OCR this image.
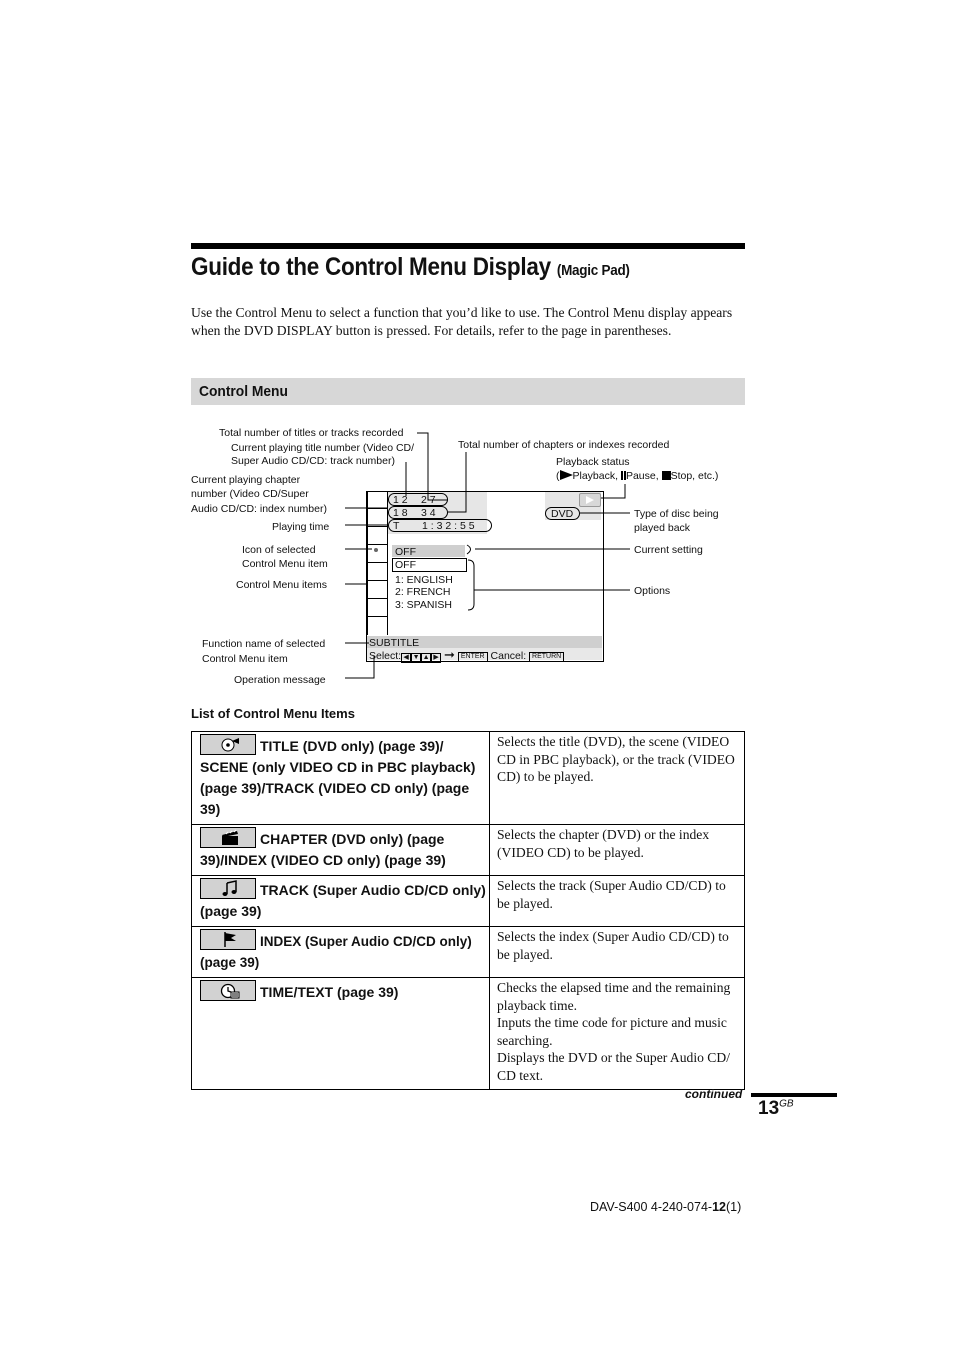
Guide to the Control Menu Display (Magic Pad)
Use the Control Menu to select a function that you’d like to use. The Control Menu display appears when the DVD DISPLAY button is pressed. For details, refer to the page in parentheses.
Control Menu
Total number of titles or tracks recorded
Current playing title number (Video CD/
Super Audio CD/CD: track number)
Total number of chapters or indexes recorded
Playback status
( Playback, Pause, Stop, etc.)
Current playing chapter
number (Video CD/Super
Audio CD/CD: index number)
Playing time
Type of disc being
played back
Icon of selected
Control Menu item
Current setting
Control Menu items	Options
Function name of selected
Control Menu item
Operation message
1 2 2 7
1 8 3 4
T 1 : 3 2 : 5 5
DVD
OFF
OFF
1: ENGLISH
2: FRENCH
3: SPANISH
SUBTITLE
Select: ◀ ▼ ▲ ▶ ➞ ENTER Cancel: RETURN
List of Control Menu Items
TITLE (DVD only) (page 39)/ SCENE (only VIDEO CD in PBC playback) (page 39)/TRACK (VIDEO CD only) (page 39)	Selects the title (DVD), the scene (VIDEO CD in PBC playback), or the track (VIDEO CD) to be played.

CHAPTER (DVD only) (page 39)/INDEX (VIDEO CD only) (page 39)	Selects the chapter (DVD) or the index (VIDEO CD) to be played.

TRACK (Super Audio CD/CD only) (page 39)	Selects the track (Super Audio CD/CD) to be played.

INDEX (Super Audio CD/CD only) (page 39)	Selects the index (Super Audio CD/CD) to be played.

TIME/TEXT (page 39)	Checks the elapsed time and the remaining playback time.
Inputs the time code for picture and music searching.
Displays the DVD or the Super Audio CD/ CD text.
continued
$13^{GB}$
DAV-S400 4-240-074-12(1)
